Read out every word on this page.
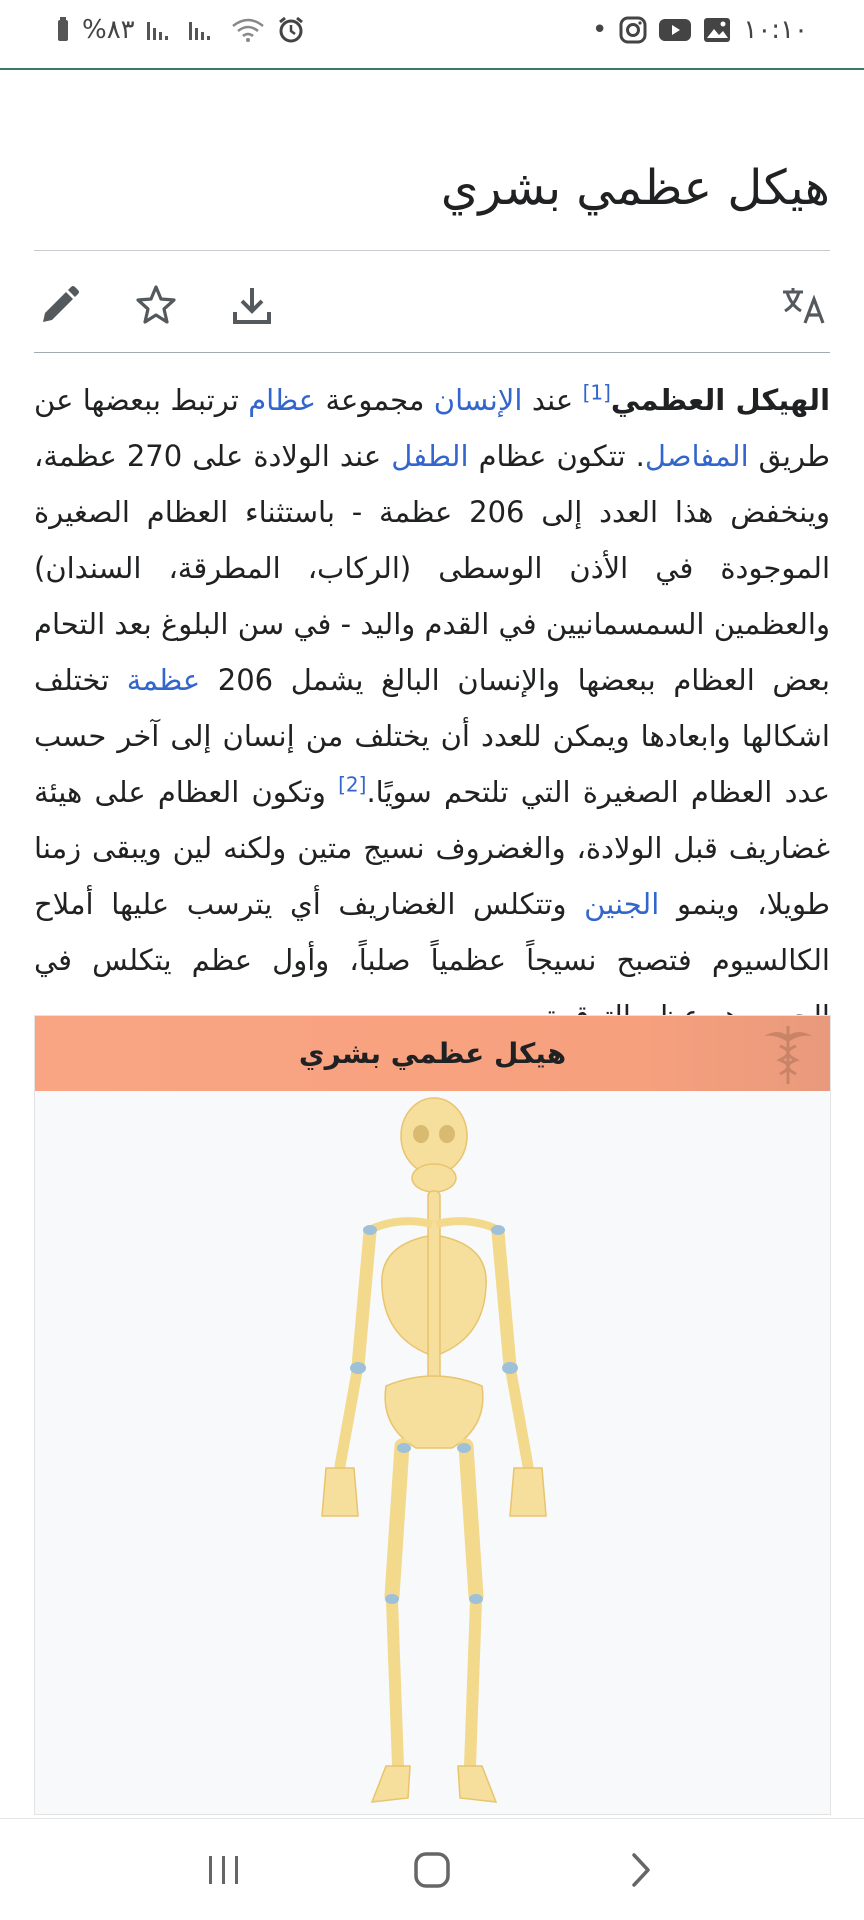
%٨٣	•	١٠:١٠
هيكل عظمي بشري

الهيكل العظمي[1] عند الإنسان مجموعة عظام ترتبط ببعضها عن طريق المفاصل. تتكون عظام الطفل عند الولادة على 270 عظمة، وينخفض هذا العدد إلى 206 عظمة - باستثناء العظام الصغيرة الموجودة في الأذن الوسطى (الركاب، المطرقة، السندان) والعظمين السمسمانيين في القدم واليد - في سن البلوغ بعد التحام بعض العظام ببعضها والإنسان البالغ يشمل 206 عظمة تختلف اشكالها وابعادها ويمكن للعدد أن يختلف من إنسان إلى آخر حسب عدد العظام الصغيرة التي تلتحم سويًا.[2] وتكون العظام على هيئة غضاريف قبل الولادة، والغضروف نسيج متين ولكنه لين ويبقى زمنا طويلا، وينمو الجنين وتتكلس الغضاريف أي يترسب عليها أملاح الكالسيوم فتصبح نسيجاً عظمياً صلباً، وأول عظم يتكلس في

هيكل عظمي بشري
